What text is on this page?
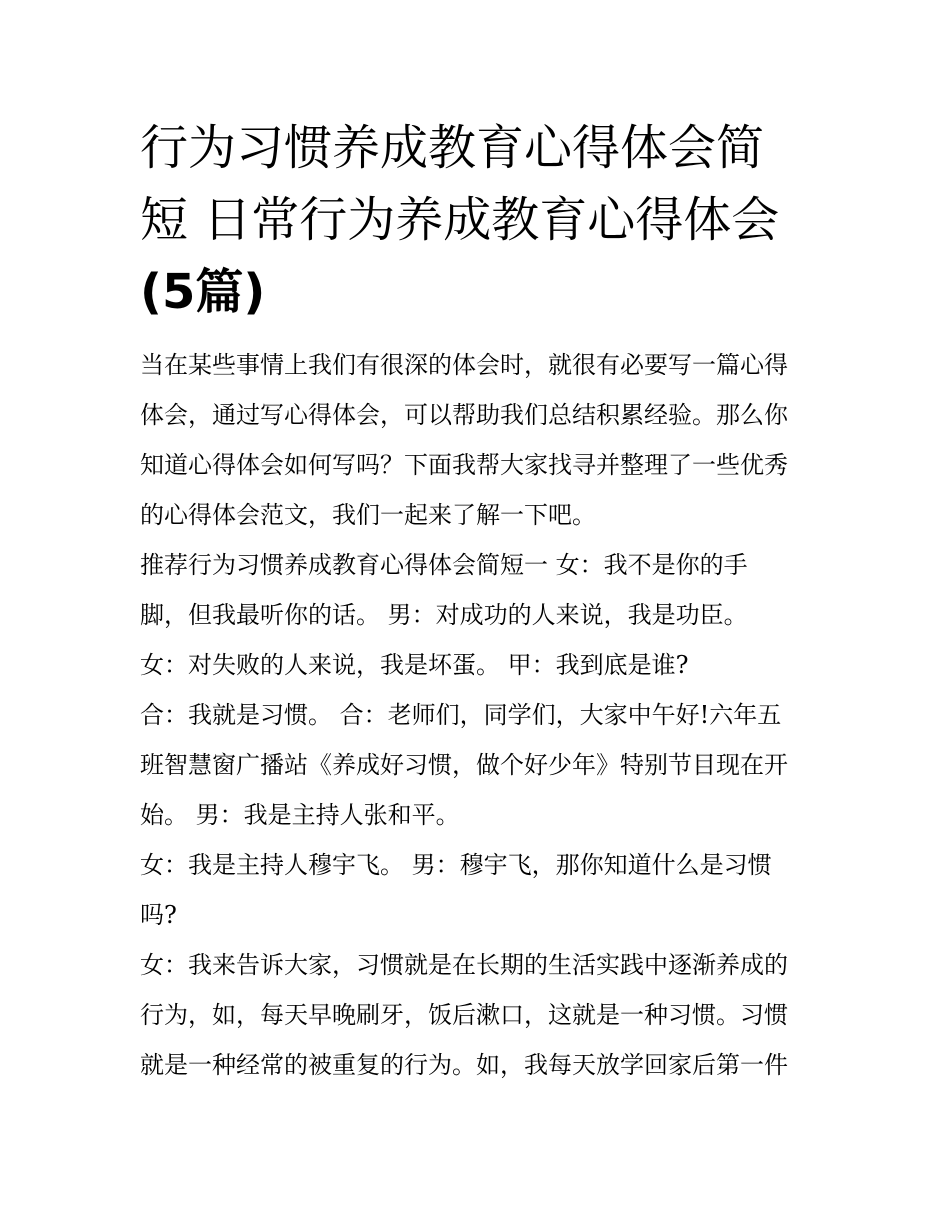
行为习惯养成教育心得体会简
短 日常行为养成教育心得体会
(5篇)

当在某些事情上我们有很深的体会时，就很有必要写一篇心得
体会，通过写心得体会，可以帮助我们总结积累经验。那么你
知道心得体会如何写吗？下面我帮大家找寻并整理了一些优秀
的心得体会范文，我们一起来了解一下吧。

推荐行为习惯养成教育心得体会简短一 女：我不是你的手
脚，但我最听你的话。 男：对成功的人来说，我是功臣。

女：对失败的人来说，我是坏蛋。 甲：我到底是谁?

合：我就是习惯。 合：老师们，同学们，大家中午好!六年五
班智慧窗广播站《养成好习惯，做个好少年》特别节目现在开
始。 男：我是主持人张和平。

女：我是主持人穆宇飞。 男：穆宇飞，那你知道什么是习惯
吗?

女：我来告诉大家，习惯就是在长期的生活实践中逐渐养成的
行为，如，每天早晚刷牙，饭后漱口，这就是一种习惯。习惯
就是一种经常的被重复的行为。如，我每天放学回家后第一件
